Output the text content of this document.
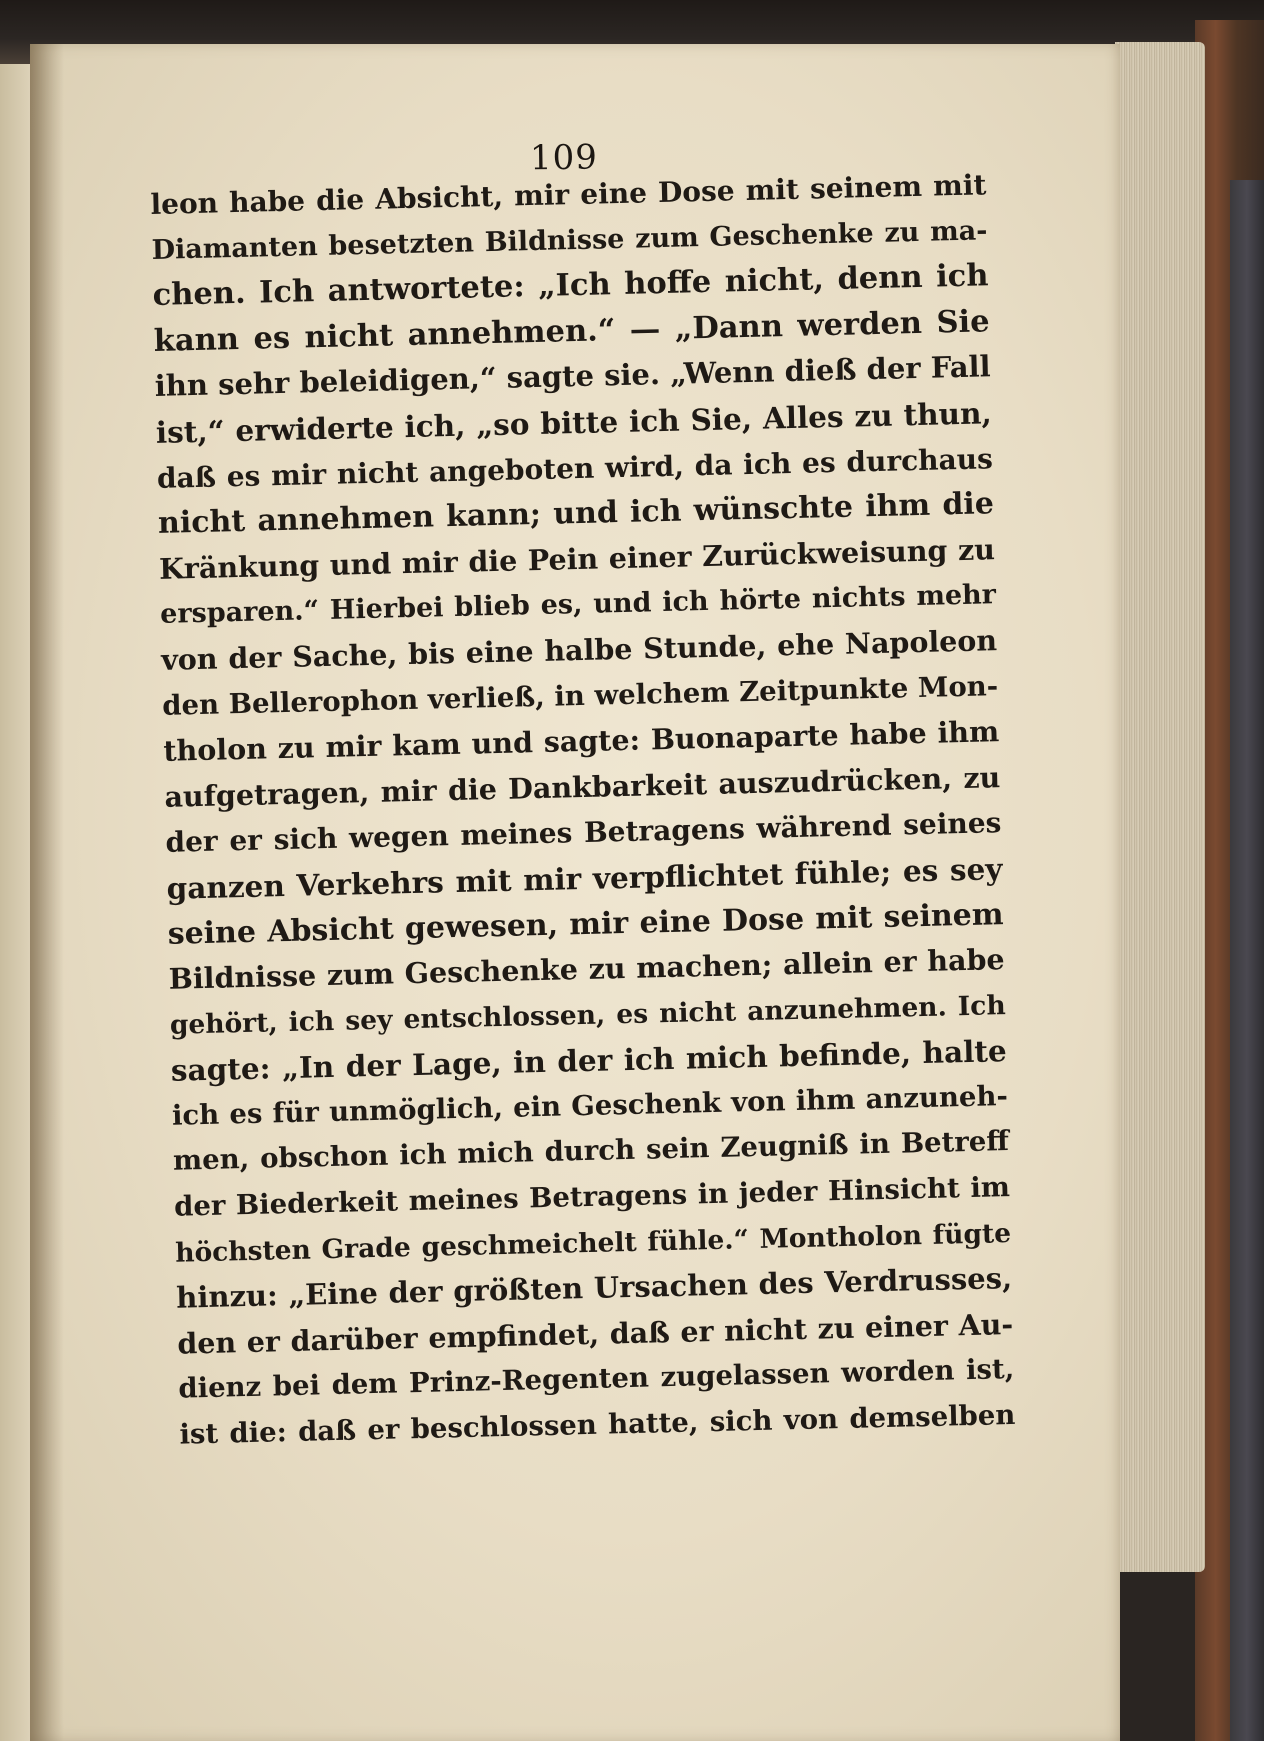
109
leon habe die Absicht, mir eine Dose mit seinem mit
Diamanten besetzten Bildnisse zum Geschenke zu ma-
chen. Ich antwortete: „Ich hoffe nicht, denn ich
kann es nicht annehmen.“ — „Dann werden Sie
ihn sehr beleidigen,“ sagte sie. „Wenn dieß der Fall
ist,“ erwiderte ich, „so bitte ich Sie, Alles zu thun,
daß es mir nicht angeboten wird, da ich es durchaus
nicht annehmen kann; und ich wünschte ihm die
Kränkung und mir die Pein einer Zurückweisung zu
ersparen.“ Hierbei blieb es, und ich hörte nichts mehr
von der Sache, bis eine halbe Stunde, ehe Napoleon
den Bellerophon verließ, in welchem Zeitpunkte Mon-
tholon zu mir kam und sagte: Buonaparte habe ihm
aufgetragen, mir die Dankbarkeit auszudrücken, zu
der er sich wegen meines Betragens während seines
ganzen Verkehrs mit mir verpflichtet fühle; es sey
seine Absicht gewesen, mir eine Dose mit seinem
Bildnisse zum Geschenke zu machen; allein er habe
gehört, ich sey entschlossen, es nicht anzunehmen. Ich
sagte: „In der Lage, in der ich mich befinde, halte
ich es für unmöglich, ein Geschenk von ihm anzuneh-
men, obschon ich mich durch sein Zeugniß in Betreff
der Biederkeit meines Betragens in jeder Hinsicht im
höchsten Grade geschmeichelt fühle.“ Montholon fügte
hinzu: „Eine der größten Ursachen des Verdrusses,
den er darüber empfindet, daß er nicht zu einer Au-
dienz bei dem Prinz-Regenten zugelassen worden ist,
ist die: daß er beschlossen hatte, sich von demselben
